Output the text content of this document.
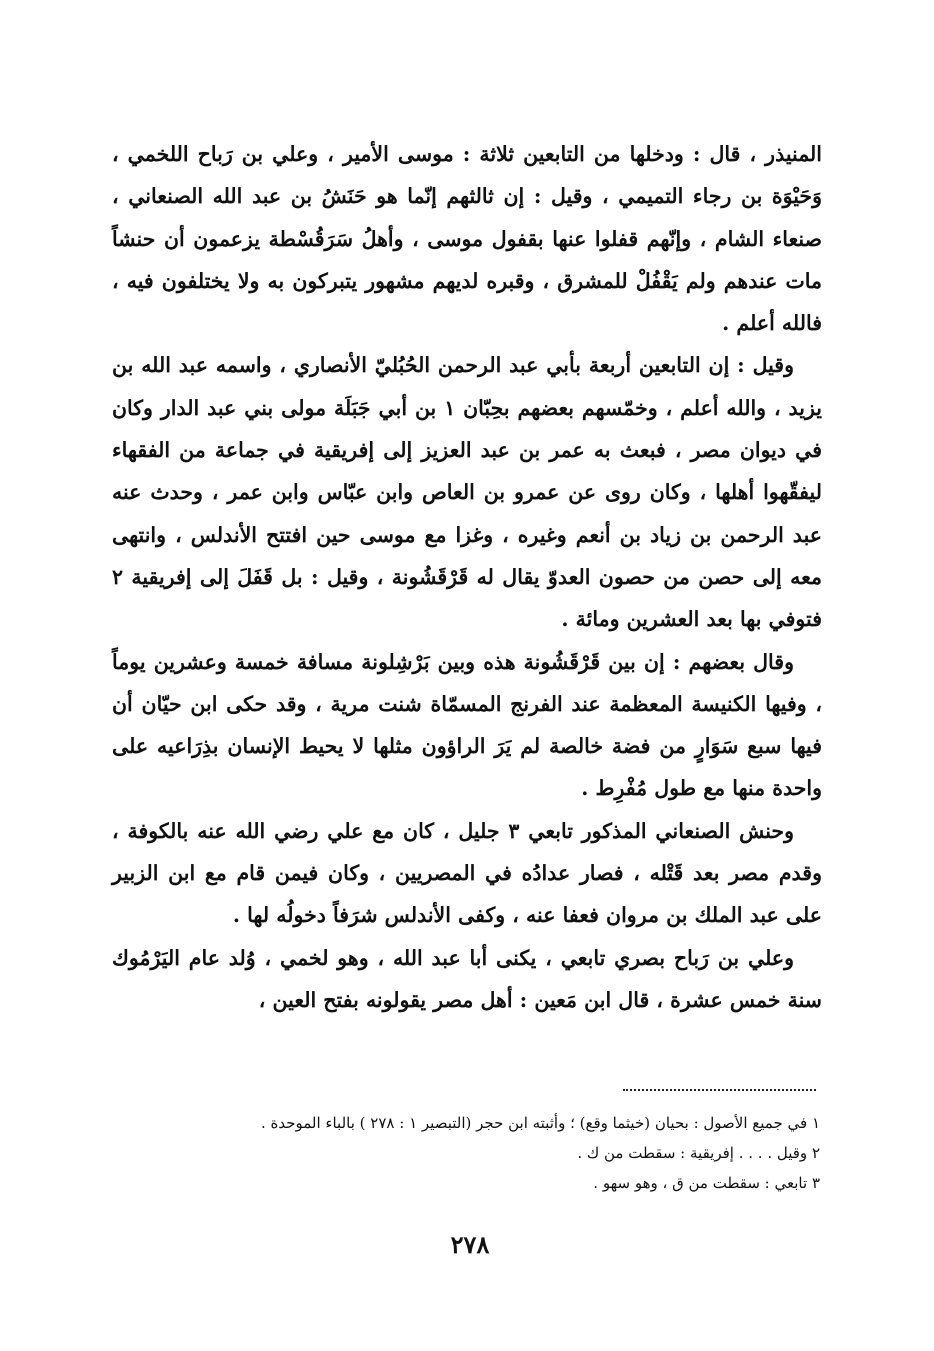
المنيذر ، قال : ودخلها من التابعين ثلاثة : موسى الأمير ، وعلي بن رَباح اللخمي ، وَحَيْوَة بن رجاء التميمي ، وقيل : إن ثالثهم إنّما هو حَنَشُ بن عبد الله الصنعاني ، صنعاء الشام ، وإنّهم قفلوا عنها بقفول موسى ، وأهلُ سَرَقُسْطة يزعمون أن حنشاً مات عندهم ولم يَقْفُلْ للمشرق ، وقبره لديهم مشهور يتبركون به ولا يختلفون فيه ، فالله أعلم .

وقيل : إن التابعين أربعة بأبي عبد الرحمن الحُبُليّ الأنصاري ، واسمه عبد الله بن يزيد ، والله أعلم ، وخمّسهم بعضهم بحِبّان ١ بن أبي جَبَلَة مولى بني عبد الدار وكان في ديوان مصر ، فبعث به عمر بن عبد العزيز إلى إفريقية في جماعة من الفقهاء ليفقّهوا أهلها ، وكان روى عن عمرو بن العاص وابن عبّاس وابن عمر ، وحدث عنه عبد الرحمن بن زياد بن أنعم وغيره ، وغزا مع موسى حين افتتح الأندلس ، وانتهى معه إلى حصن من حصون العدوّ يقال له قَرْقَشُونة ، وقيل : بل قَفَلَ إلى إفريقية ٢ فتوفي بها بعد العشرين ومائة .

وقال بعضهم : إن بين قَرْقَشُونة هذه وبين بَرْشِلونة مسافة خمسة وعشرين يوماً ، وفيها الكنيسة المعظمة عند الفرنج المسمّاة شنت مرية ، وقد حكى ابن حيّان أن فيها سبع سَوَارٍ من فضة خالصة لم يَرَ الراؤون مثلها لا يحيط الإنسان بذِرَاعيه على واحدة منها مع طول مُفْرِط .

وحنش الصنعاني المذكور تابعي ٣ جليل ، كان مع علي رضي الله عنه بالكوفة ، وقدم مصر بعد قَتْله ، فصار عدادُه في المصريين ، وكان فيمن قام مع ابن الزبير على عبد الملك بن مروان فعفا عنه ، وكفى الأندلس شرَفاً دخولُه لها .

وعلي بن رَباح بصري تابعي ، يكنى أبا عبد الله ، وهو لخمي ، وُلد عام اليَرْمُوك سنة خمس عشرة ، قال ابن مَعين : أهل مصر يقولونه بفتح العين ،

١ في جميع الأصول : بحيان (خيثما وقع) ؛ وأثبته ابن حجر (التبصير ١ : ٢٧٨ ) بالباء الموحدة .

٢ وقيل . . . . إفريقية : سقطت من ك .

٣ تابعي : سقطت من ق ، وهو سهو .

٢٧٨
